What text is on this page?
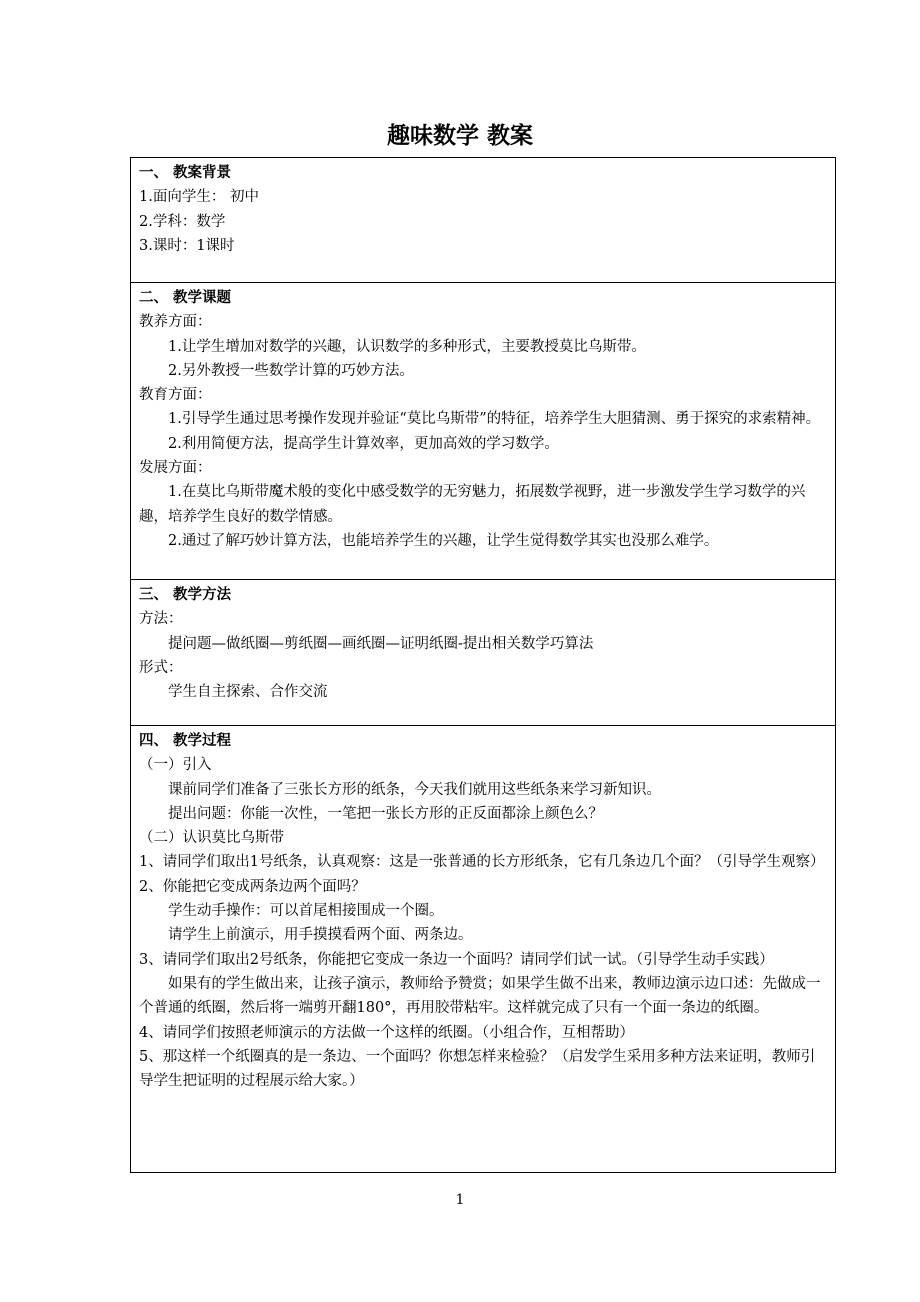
趣味数学 教案

一、 教案背景

1.面向学生： 初中

2.学科：数学

3.课时：1课时

二、 教学课题

教养方面：

1.让学生增加对数学的兴趣，认识数学的多种形式，主要教授莫比乌斯带。

2.另外教授一些数学计算的巧妙方法。

教育方面：

1.引导学生通过思考操作发现并验证“莫比乌斯带”的特征，培养学生大胆猜测、勇于探究的求索精神。

2.利用简便方法，提高学生计算效率，更加高效的学习数学。

发展方面：

1.在莫比乌斯带魔术般的变化中感受数学的无穷魅力，拓展数学视野，进一步激发学生学习数学的兴趣，培养学生良好的数学情感。

2.通过了解巧妙计算方法，也能培养学生的兴趣，让学生觉得数学其实也没那么难学。

三、 教学方法

方法：

提问题—做纸圈—剪纸圈—画纸圈—证明纸圈-提出相关数学巧算法

形式：

学生自主探索、合作交流

四、 教学过程

（一）引入

课前同学们准备了三张长方形的纸条，今天我们就用这些纸条来学习新知识。

提出问题：你能一次性，一笔把一张长方形的正反面都涂上颜色么？

（二）认识莫比乌斯带

1、请同学们取出1号纸条，认真观察：这是一张普通的长方形纸条，它有几条边几个面？（引导学生观察）

2、你能把它变成两条边两个面吗？

学生动手操作：可以首尾相接围成一个圈。

请学生上前演示，用手摸摸看两个面、两条边。

3、请同学们取出2号纸条，你能把它变成一条边一个面吗？请同学们试一试。（引导学生动手实践）

如果有的学生做出来，让孩子演示，教师给予赞赏；如果学生做不出来，教师边演示边口述：先做成一个普通的纸圈，然后将一端剪开翻180°，再用胶带粘牢。这样就完成了只有一个面一条边的纸圈。

4、请同学们按照老师演示的方法做一个这样的纸圈。（小组合作，互相帮助）

5、那这样一个纸圈真的是一条边、一个面吗？你想怎样来检验？（启发学生采用多种方法来证明，教师引导学生把证明的过程展示给大家。）

1
